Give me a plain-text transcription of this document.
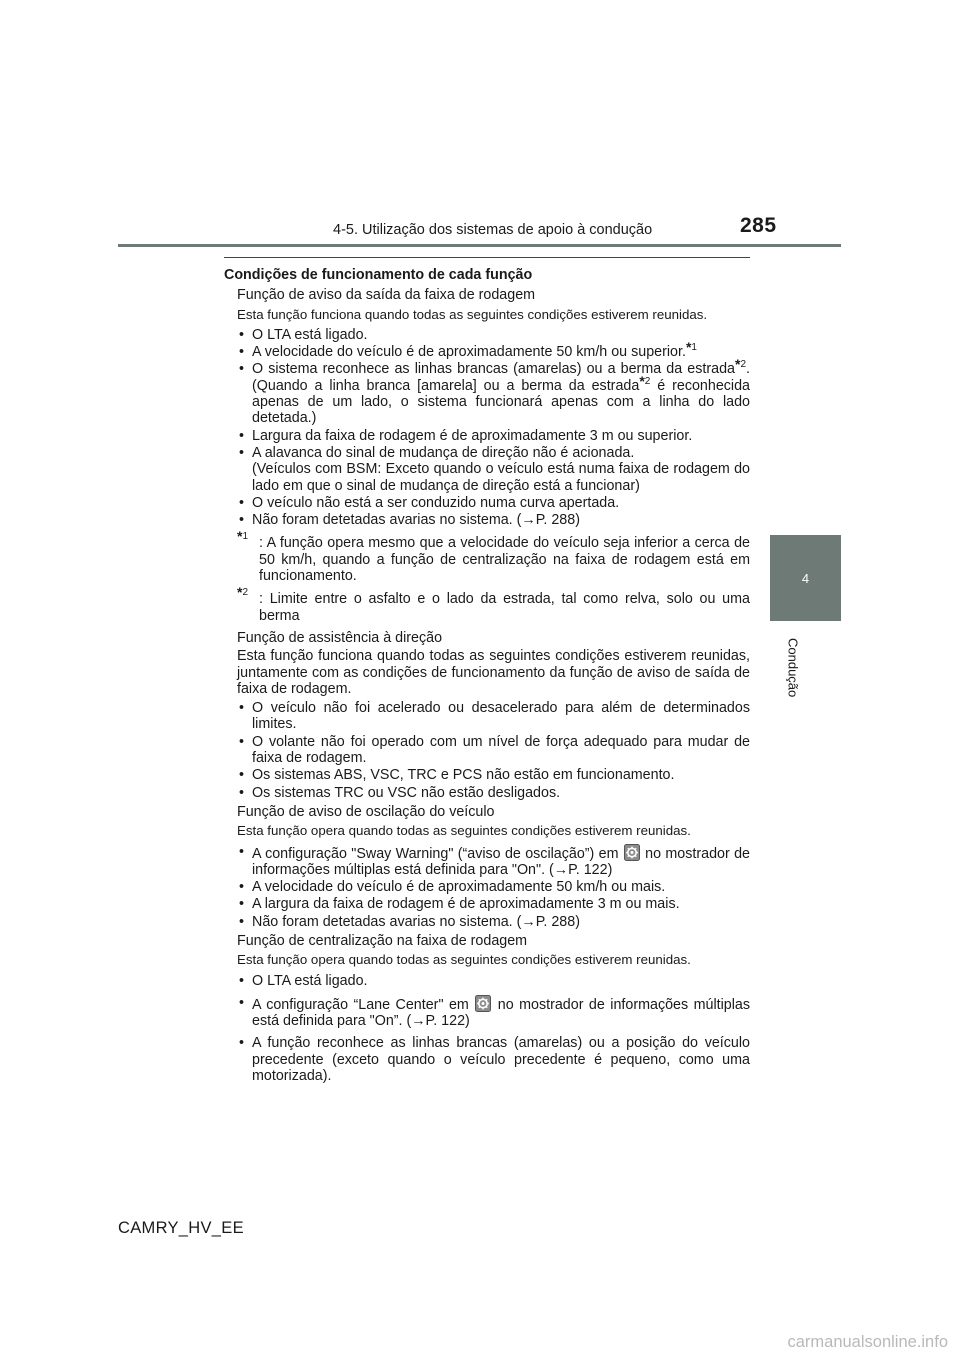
4-5. Utilização dos sistemas de apoio à condução	285
4
Condução
Condições de funcionamento de cada função
Função de aviso da saída da faixa de rodagem
Esta função funciona quando todas as seguintes condições estiverem reunidas.
• O LTA está ligado.
• A velocidade do veículo é de aproximadamente 50 km/h ou superior.$^{*1}$
• O sistema reconhece as linhas brancas (amarelas) ou a berma da estrada$^{*2}$. (Quando a linha branca [amarela] ou a berma da estrada$^{*2}$ é reconhecida apenas de um lado, o sistema funcionará apenas com a linha do lado detetada.)
• Largura da faixa de rodagem é de aproximadamente 3 m ou superior.
• A alavanca do sinal de mudança de direção não é acionada.
(Veículos com BSM: Exceto quando o veículo está numa faixa de rodagem do lado em que o sinal de mudança de direção está a funcionar)
• O veículo não está a ser conduzido numa curva apertada.
• Não foram detetadas avarias no sistema. (→P. 288)
$^{*1}$ : A função opera mesmo que a velocidade do veículo seja inferior a cerca de 50 km/h, quando a função de centralização na faixa de rodagem está em funcionamento.
$^{*2}$ : Limite entre o asfalto e o lado da estrada, tal como relva, solo ou uma berma
Função de assistência à direção
Esta função funciona quando todas as seguintes condições estiverem reunidas, juntamente com as condições de funcionamento da função de aviso de saída de faixa de rodagem.
• O veículo não foi acelerado ou desacelerado para além de determinados limites.
• O volante não foi operado com um nível de força adequado para mudar de faixa de rodagem.
• Os sistemas ABS, VSC, TRC e PCS não estão em funcionamento.
• Os sistemas TRC ou VSC não estão desligados.
Função de aviso de oscilação do veículo
Esta função opera quando todas as seguintes condições estiverem reunidas.
• A configuração "Sway Warning" (“aviso de oscilação”) em  no mostrador de informações múltiplas está definida para "On". (→P. 122)
• A velocidade do veículo é de aproximadamente 50 km/h ou mais.
• A largura da faixa de rodagem é de aproximadamente 3 m ou mais.
• Não foram detetadas avarias no sistema. (→P. 288)
Função de centralização na faixa de rodagem
Esta função opera quando todas as seguintes condições estiverem reunidas.
• O LTA está ligado.
• A configuração “Lane Center" em  no mostrador de informações múltiplas está definida para "On”. (→P. 122)
• A função reconhece as linhas brancas (amarelas) ou a posição do veículo precedente (exceto quando o veículo precedente é pequeno, como uma motorizada).
CAMRY_HV_EE
carmanualsonline.info
